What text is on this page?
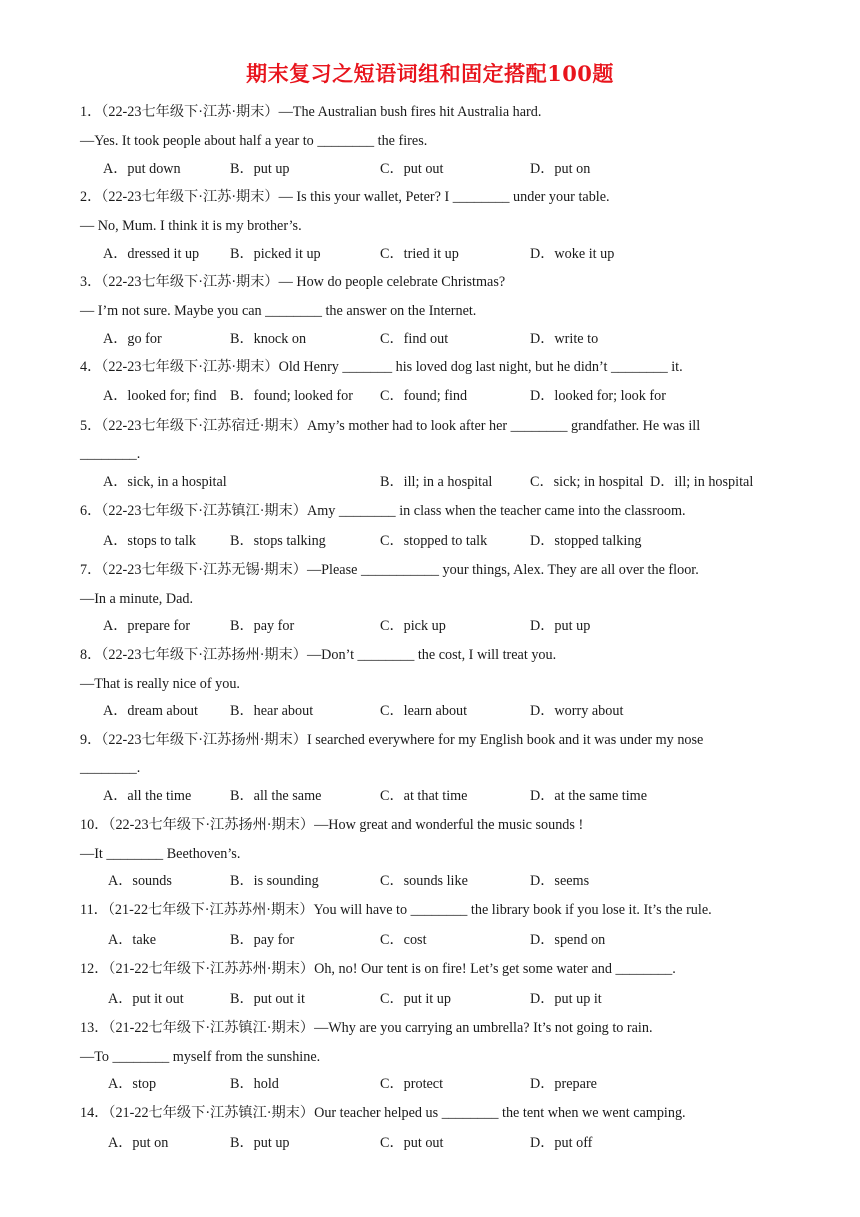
期末复习之短语词组和固定搭配100题
1．（22-23七年级下·江苏·期末）—The Australian bush fires hit Australia hard.
—Yes. It took people about half a year to ________ the fires.
A．put down	B．put up	C．put out	D．put on
2．（22-23七年级下·江苏·期末）— Is this your wallet, Peter? I ________ under your table.
— No, Mum. I think it is my brother’s.
A．dressed it up B．picked it up	C．tried it up	D．woke it up
3．（22-23七年级下·江苏·期末）— How do people celebrate Christmas?
— I’m not sure. Maybe you can ________ the answer on the Internet.
A．go for	B．knock on	C．find out	D．write to
4．（22-23七年级下·江苏·期末）Old Henry _______ his loved dog last night, but he didn’t ________ it.
A．looked for; find B．found; looked for C．found; find	D．looked for; look for
5．（22-23七年级下·江苏宿迁·期末）Amy’s mother had to look after her ________ grandfather. He was ill
________.
A．sick, in a hospital	B．ill; in a hospital	C．sick; in hospital D．ill; in hospital
6．（22-23七年级下·江苏镇江·期末）Amy ________ in class when the teacher came into the classroom.
A．stops to talk B．stops talking	C．stopped to talk	D．stopped talking
7．（22-23七年级下·江苏无锡·期末）—Please ___________ your things, Alex. They are all over the floor.
—In a minute, Dad.
A．prepare for	B．pay for	C．pick up	D．put up
8．（22-23七年级下·江苏扬州·期末）—Don’t ________ the cost, I will treat you.
—That is really nice of you.
A．dream about B．hear about	C．learn about	D．worry about
9．（22-23七年级下·江苏扬州·期末）I searched everywhere for my English book and it was under my nose
________.
A．all the time	B．all the same	C．at that time	D．at the same time
10．（22-23七年级下·江苏扬州·期末）—How great and wonderful the music sounds !
—It ________ Beethoven’s.
A．sounds	B．is sounding	C．sounds like	D．seems
11．（21-22七年级下·江苏苏州·期末）You will have to ________ the library book if you lose it. It’s the rule.
A．take	B．pay for	C．cost	D．spend on
12．（21-22七年级下·江苏苏州·期末）Oh, no! Our tent is on fire! Let’s get some water and ________.
A．put it out	B．put out it	C．put it up	D．put up it
13．（21-22七年级下·江苏镇江·期末）—Why are you carrying an umbrella? It’s not going to rain.
—To ________ myself from the sunshine.
A．stop	B．hold	C．protect	D．prepare
14．（21-22七年级下·江苏镇江·期末）Our teacher helped us ________ the tent when we went camping.
A．put on	B．put up	C．put out	D．put off
